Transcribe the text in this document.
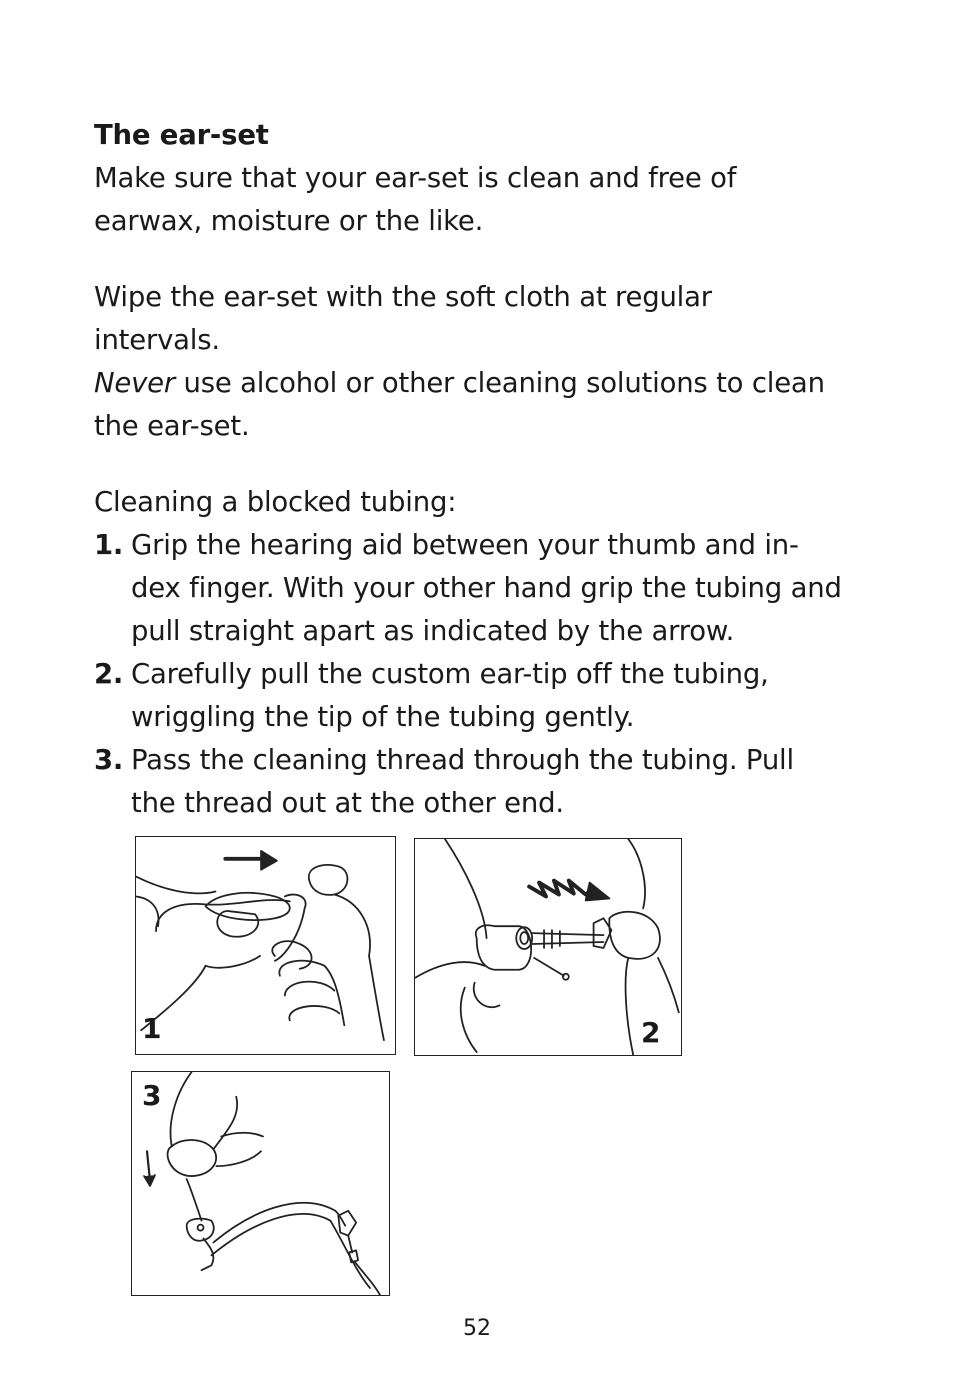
The ear-set

Make sure that your ear-set is clean and free of earwax, moisture or the like.

Wipe the ear-set with the soft cloth at regular intervals.
Never use alcohol or other cleaning solutions to clean the ear-set.

Cleaning a blocked tubing:

1. Grip the hearing aid between your thumb and in-dex finger. With your other hand grip the tubing and pull straight apart as indicated by the arrow.
2. Carefully pull the custom ear-tip off the tubing, wriggling the tip of the tubing gently.
3. Pass the cleaning thread through the tubing. Pull the thread out at the other end.
1	2
3
52
